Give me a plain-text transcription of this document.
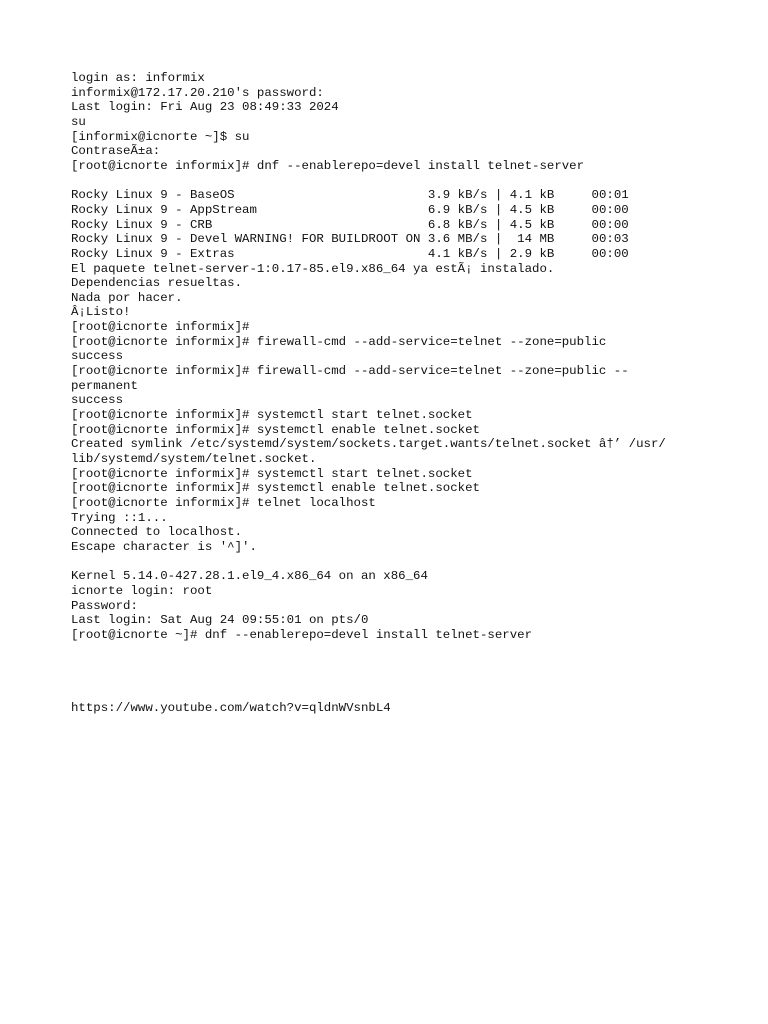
login as: informix
informix@172.17.20.210's password:
Last login: Fri Aug 23 08:49:33 2024
su
[informix@icnorte ~]$ su
ContraseÃ±a:
[root@icnorte informix]# dnf --enablerepo=devel install telnet-server
Rocky Linux 9 - BaseOS	3.9 kB/s | 4.1 kB	00:01
Rocky Linux 9 - AppStream	6.9 kB/s | 4.5 kB	00:00
Rocky Linux 9 - CRB	6.8 kB/s | 4.5 kB	00:00
Rocky Linux 9 - Devel WARNING! FOR BUILDROOT ON 3.6 MB/s |  14 MB	00:03
Rocky Linux 9 - Extras	4.1 kB/s | 2.9 kB	00:00
El paquete telnet-server-1:0.17-85.el9.x86_64 ya estÃ¡ instalado.
Dependencias resueltas.
Nada por hacer.
Â¡Listo!
[root@icnorte informix]#
[root@icnorte informix]# firewall-cmd --add-service=telnet --zone=public
success
[root@icnorte informix]# firewall-cmd --add-service=telnet --zone=public --
permanent
success
[root@icnorte informix]# systemctl start telnet.socket
[root@icnorte informix]# systemctl enable telnet.socket
Created symlink /etc/systemd/system/sockets.target.wants/telnet.socket â†’ /usr/
lib/systemd/system/telnet.socket.
[root@icnorte informix]# systemctl start telnet.socket
[root@icnorte informix]# systemctl enable telnet.socket
[root@icnorte informix]# telnet localhost
Trying ::1...
Connected to localhost.
Escape character is '^]'.
Kernel 5.14.0-427.28.1.el9_4.x86_64 on an x86_64
icnorte login: root
Password:
Last login: Sat Aug 24 09:55:01 on pts/0
[root@icnorte ~]# dnf --enablerepo=devel install telnet-server
https://www.youtube.com/watch?v=qldnWVsnbL4
